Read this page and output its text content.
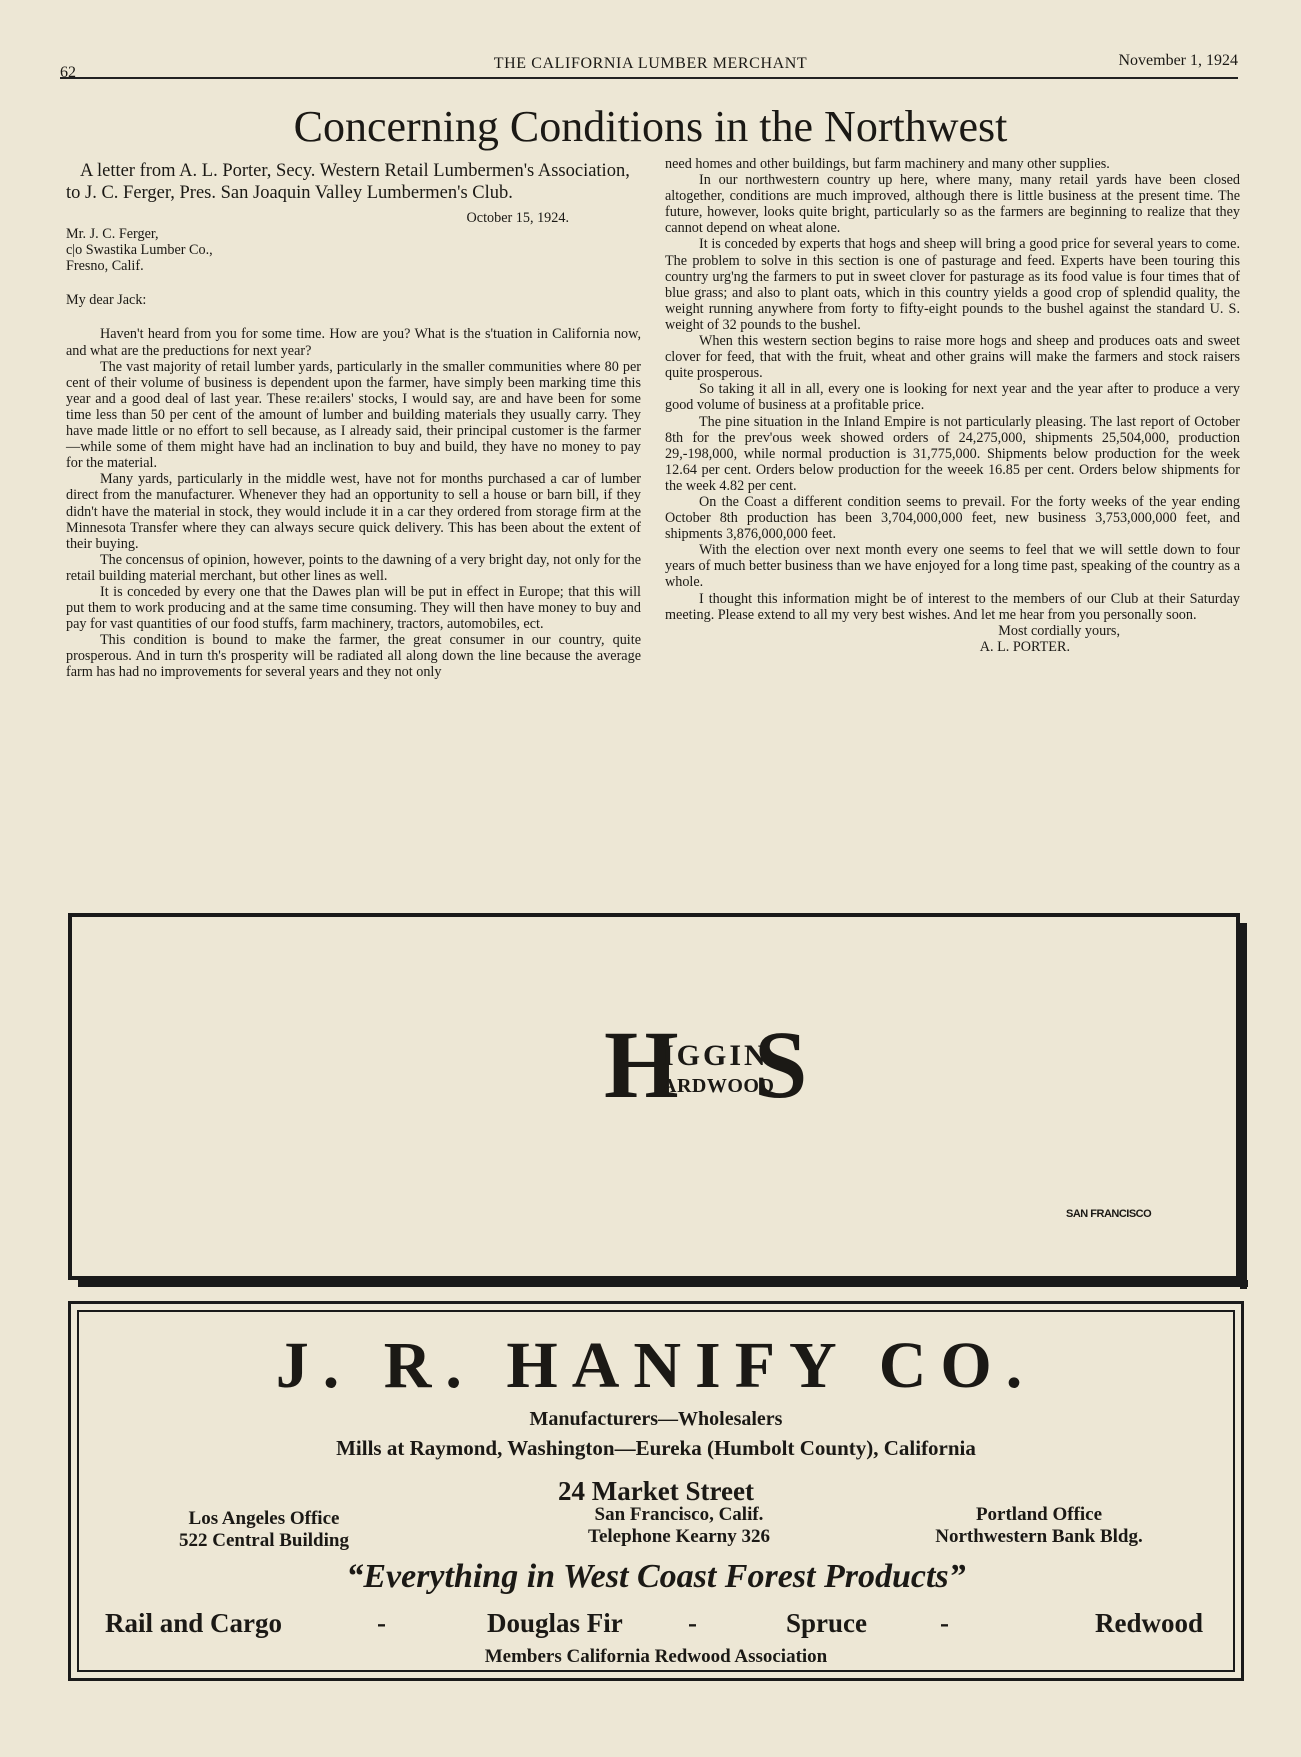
62
THE CALIFORNIA LUMBER MERCHANT	November 1, 1924
Concerning Conditions in the Northwest

A letter from A. L. Porter, Secy. Western Retail Lumbermen's Association, to J. C. Ferger, Pres. San Joaquin Valley Lumbermen's Club.

October 15, 1924.

Mr. J. C. Ferger,

c|o Swastika Lumber Co.,

Fresno, Calif.

My dear Jack:

Haven't heard from you for some time. How are you? What is the s'tuation in California now, and what are the preductions for next year?

The vast majority of retail lumber yards, particularly in the smaller communities where 80 per cent of their volume of business is dependent upon the farmer, have simply been marking time this year and a good deal of last year. These re:ailers' stocks, I would say, are and have been for some time less than 50 per cent of the amount of lumber and building materials they usually carry. They have made little or no effort to sell because, as I already said, their principal customer is the farmer—while some of them might have had an inclination to buy and build, they have no money to pay for the material.

Many yards, particularly in the middle west, have not for months purchased a car of lumber direct from the manufacturer. Whenever they had an opportunity to sell a house or barn bill, if they didn't have the material in stock, they would include it in a car they ordered from storage firm at the Minnesota Transfer where they can always secure quick delivery. This has been about the extent of their buying.

The concensus of opinion, however, points to the dawning of a very bright day, not only for the retail building material merchant, but other lines as well.

It is conceded by every one that the Dawes plan will be put in effect in Europe; that this will put them to work producing and at the same time consuming. They will then have money to buy and pay for vast quantities of our food stuffs, farm machinery, tractors, automobiles, ect.

This condition is bound to make the farmer, the great consumer in our country, quite prosperous. And in turn th's prosperity will be radiated all along down the line because the average farm has had no improvements for several years and they not only

need homes and other buildings, but farm machinery and many other supplies.

In our northwestern country up here, where many, many retail yards have been closed altogether, conditions are much improved, although there is little business at the present time. The future, however, looks quite bright, particularly so as the farmers are beginning to realize that they cannot depend on wheat alone.

It is conceded by experts that hogs and sheep will bring a good price for several years to come. The problem to solve in this section is one of pasturage and feed. Experts have been touring this country urg'ng the farmers to put in sweet clover for pasturage as its food value is four times that of blue grass; and also to plant oats, which in this country yields a good crop of splendid quality, the weight running anywhere from forty to fifty-eight pounds to the bushel against the standard U. S. weight of 32 pounds to the bushel.

When this western section begins to raise more hogs and sheep and produces oats and sweet clover for feed, that with the fruit, wheat and other grains will make the farmers and stock raisers quite prosperous.

So taking it all in all, every one is looking for next year and the year after to produce a very good volume of business at a profitable price.

The pine situation in the Inland Empire is not particularly pleasing. The last report of October 8th for the prev'ous week showed orders of 24,275,000, shipments 25,504,000, production 29,-198,000, while normal production is 31,775,000. Shipments below production for the week 12.64 per cent. Orders below production for the weeek 16.85 per cent. Orders below shipments for the week 4.82 per cent.

On the Coast a different condition seems to prevail. For the forty weeks of the year ending October 8th production has been 3,704,000,000 feet, new business 3,753,000,000 feet, and shipments 3,876,000,000 feet.

With the election over next month every one seems to feel that we will settle down to four years of much better business than we have enjoyed for a long time past, speaking of the country as a whole.

I thought this information might be of interest to the members of our Club at their Saturday meeting. Please extend to all my very best wishes. And let me hear from you personally soon.

Most cordially yours,

A. L. PORTER.

H
IGGIN
ARDWOOD
S
SAN FRANCISCO
J. R. HANIFY CO.
Manufacturers—Wholesalers
Mills at Raymond, Washington—Eureka (Humbolt County), California
24 Market Street
Los Angeles Office
522 Central Building
San Francisco, Calif.
Telephone Kearny 326
Portland Office
Northwestern Bank Bldg.
“Everything in West Coast Forest Products”
Rail and Cargo	-	Douglas Fir -	Spruce	-	Redwood
Members California Redwood Association
